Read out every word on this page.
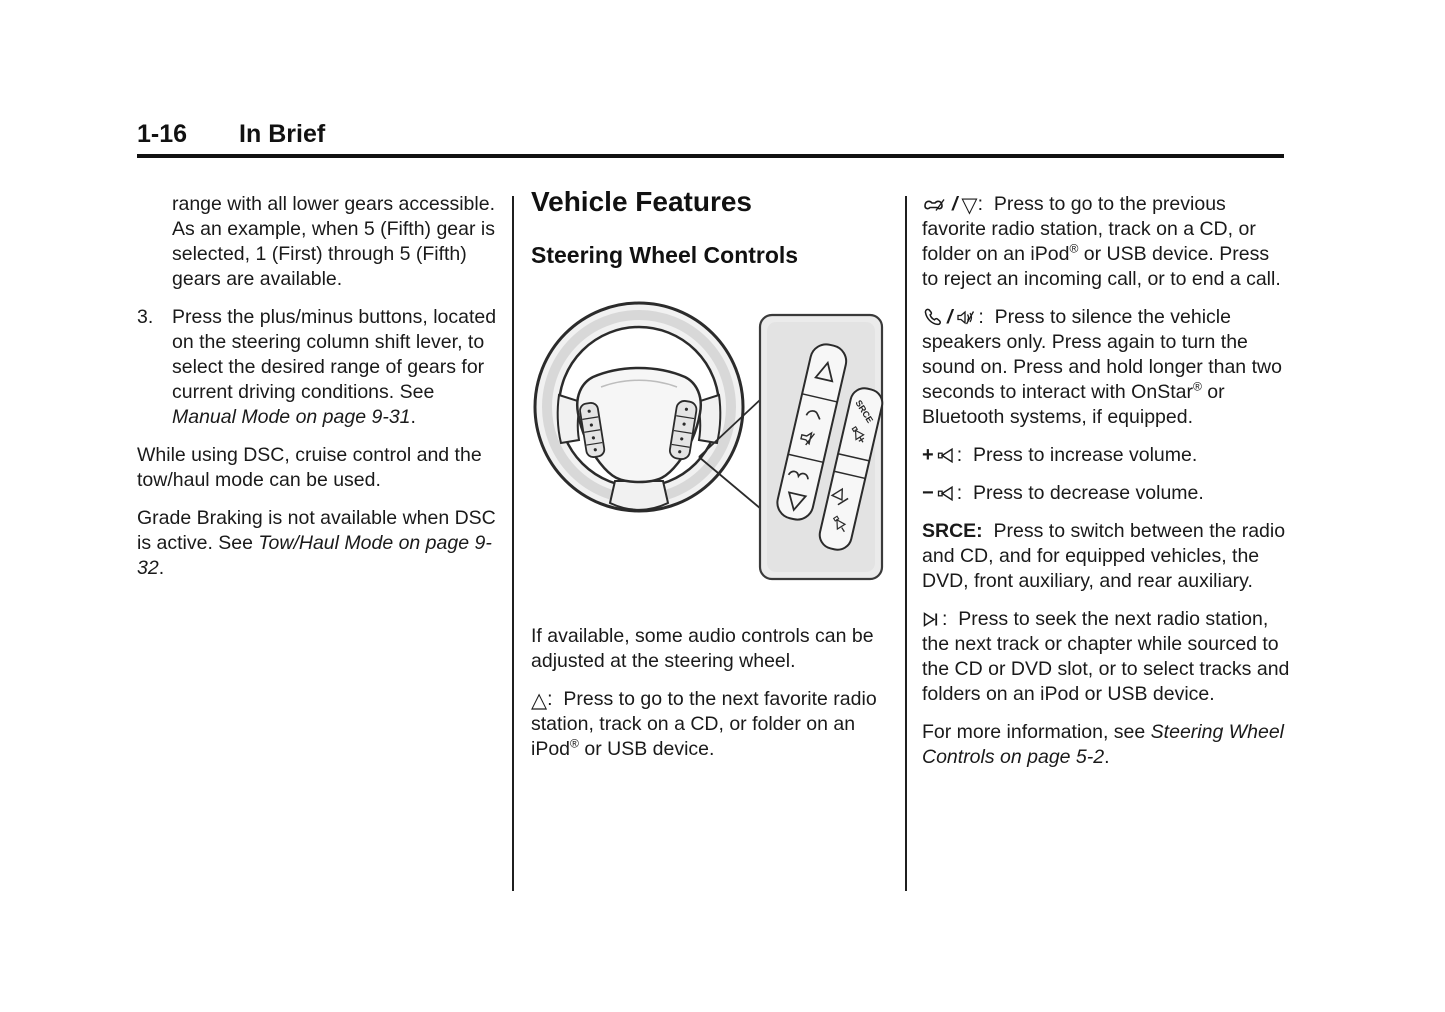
1-16 In Brief

range with all lower gears accessible. As an example, when 5 (Fifth) gear is selected, 1 (First) through 5 (Fifth) gears are available.

3. Press the plus/minus buttons, located on the steering column shift lever, to select the desired range of gears for current driving conditions. See Manual Mode on page 9-31.

While using DSC, cruise control and the tow/haul mode can be used.

Grade Braking is not available when DSC is active. See Tow/Haul Mode on page 9-32.

Vehicle Features
Steering Wheel Controls
SRCE

If available, some audio controls can be adjusted at the steering wheel.

△:  Press to go to the next favorite radio station, track on a CD, or folder on an iPod® or USB device.

/ ▽:  Press to go to the previous favorite radio station, track on a CD, or folder on an iPod® or USB device. Press to reject an incoming call, or to end a call.

/ :  Press to silence the vehicle speakers only. Press again to turn the sound on. Press and hold longer than two seconds to interact with OnStar® or Bluetooth systems, if equipped.

+ :  Press to increase volume.

− :  Press to decrease volume.

SRCE:  Press to switch between the radio and CD, and for equipped vehicles, the DVD, front auxiliary, and rear auxiliary.

:  Press to seek the next radio station, the next track or chapter while sourced to the CD or DVD slot, or to select tracks and folders on an iPod or USB device.

For more information, see Steering Wheel Controls on page 5-2.
